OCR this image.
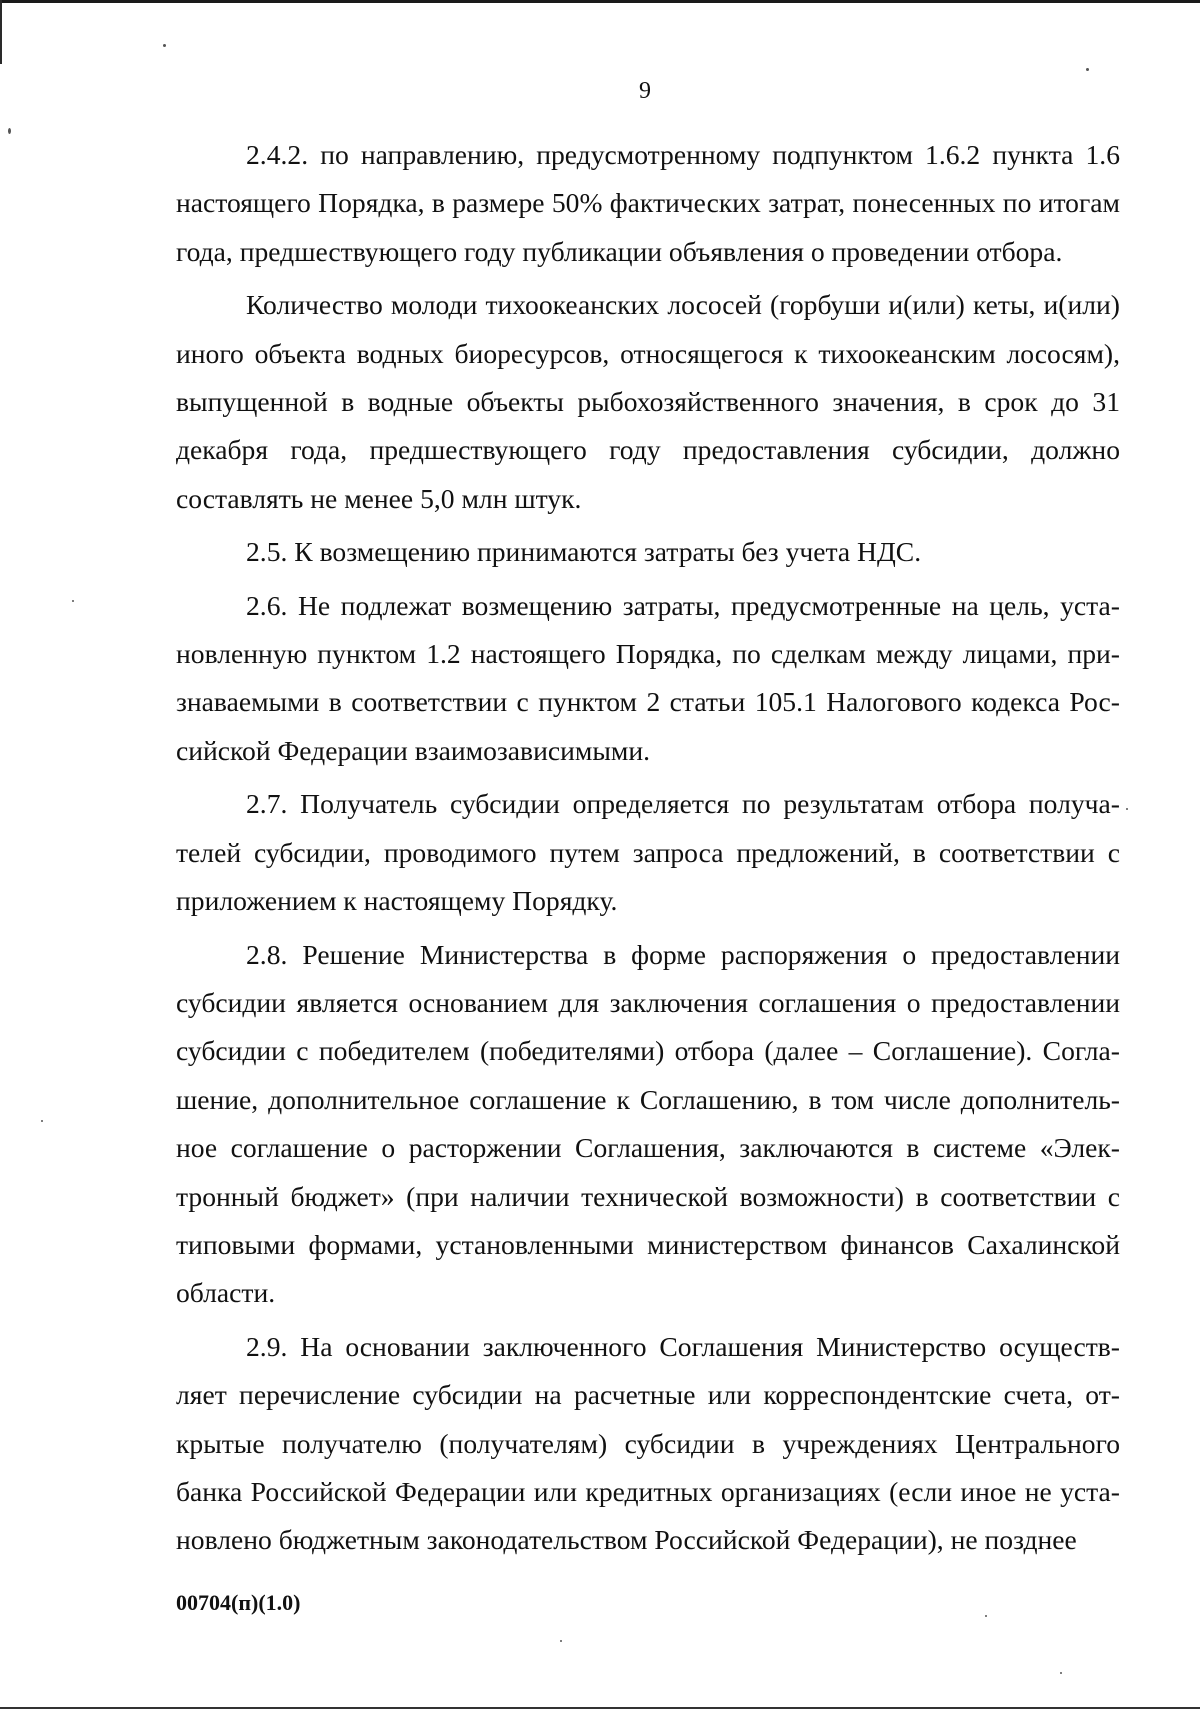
9

2.4.2. по направлению, предусмотренному подпунктом 1.6.2 пункта 1.6 настоящего Порядка, в размере 50% фактических затрат, понесенных по итогам года, предшествующего году публикации объявления о проведении отбора.

Количество молоди тихоокеанских лососей (горбуши и(или) кеты, и(или) иного объекта водных биоресурсов, относящегося к тихоокеанским лососям), выпущенной в водные объекты рыбохозяйственного значения, в срок до 31 декабря года, предшествующего году предоставления субсидии, должно составлять не менее 5,0 млн штук.

2.5. К возмещению принимаются затраты без учета НДС.

2.6. Не подлежат возмещению затраты, предусмотренные на цель, установленную пунктом 1.2 настоящего Порядка, по сделкам между лицами, признаваемыми в соответствии с пунктом 2 статьи 105.1 Налогового кодекса Российской Федерации взаимозависимыми.

2.7. Получатель субсидии определяется по результатам отбора получателей субсидии, проводимого путем запроса предложений, в соответствии с приложением к настоящему Порядку.

2.8. Решение Министерства в форме распоряжения о предоставлении субсидии является основанием для заключения соглашения о предоставлении субсидии с победителем (победителями) отбора (далее – Соглашение). Соглашение, дополнительное соглашение к Соглашению, в том числе дополнительное соглашение о расторжении Соглашения, заключаются в системе «Электронный бюджет» (при наличии технической возможности) в соответствии с типовыми формами, установленными министерством финансов Сахалинской области.

2.9. На основании заключенного Соглашения Министерство осуществляет перечисление субсидии на расчетные или корреспондентские счета, открытые получателю (получателям) субсидии в учреждениях Центрального банка Российской Федерации или кредитных организациях (если иное не установлено бюджетным законодательством Российской Федерации), не позднее

00704(п)(1.0)
